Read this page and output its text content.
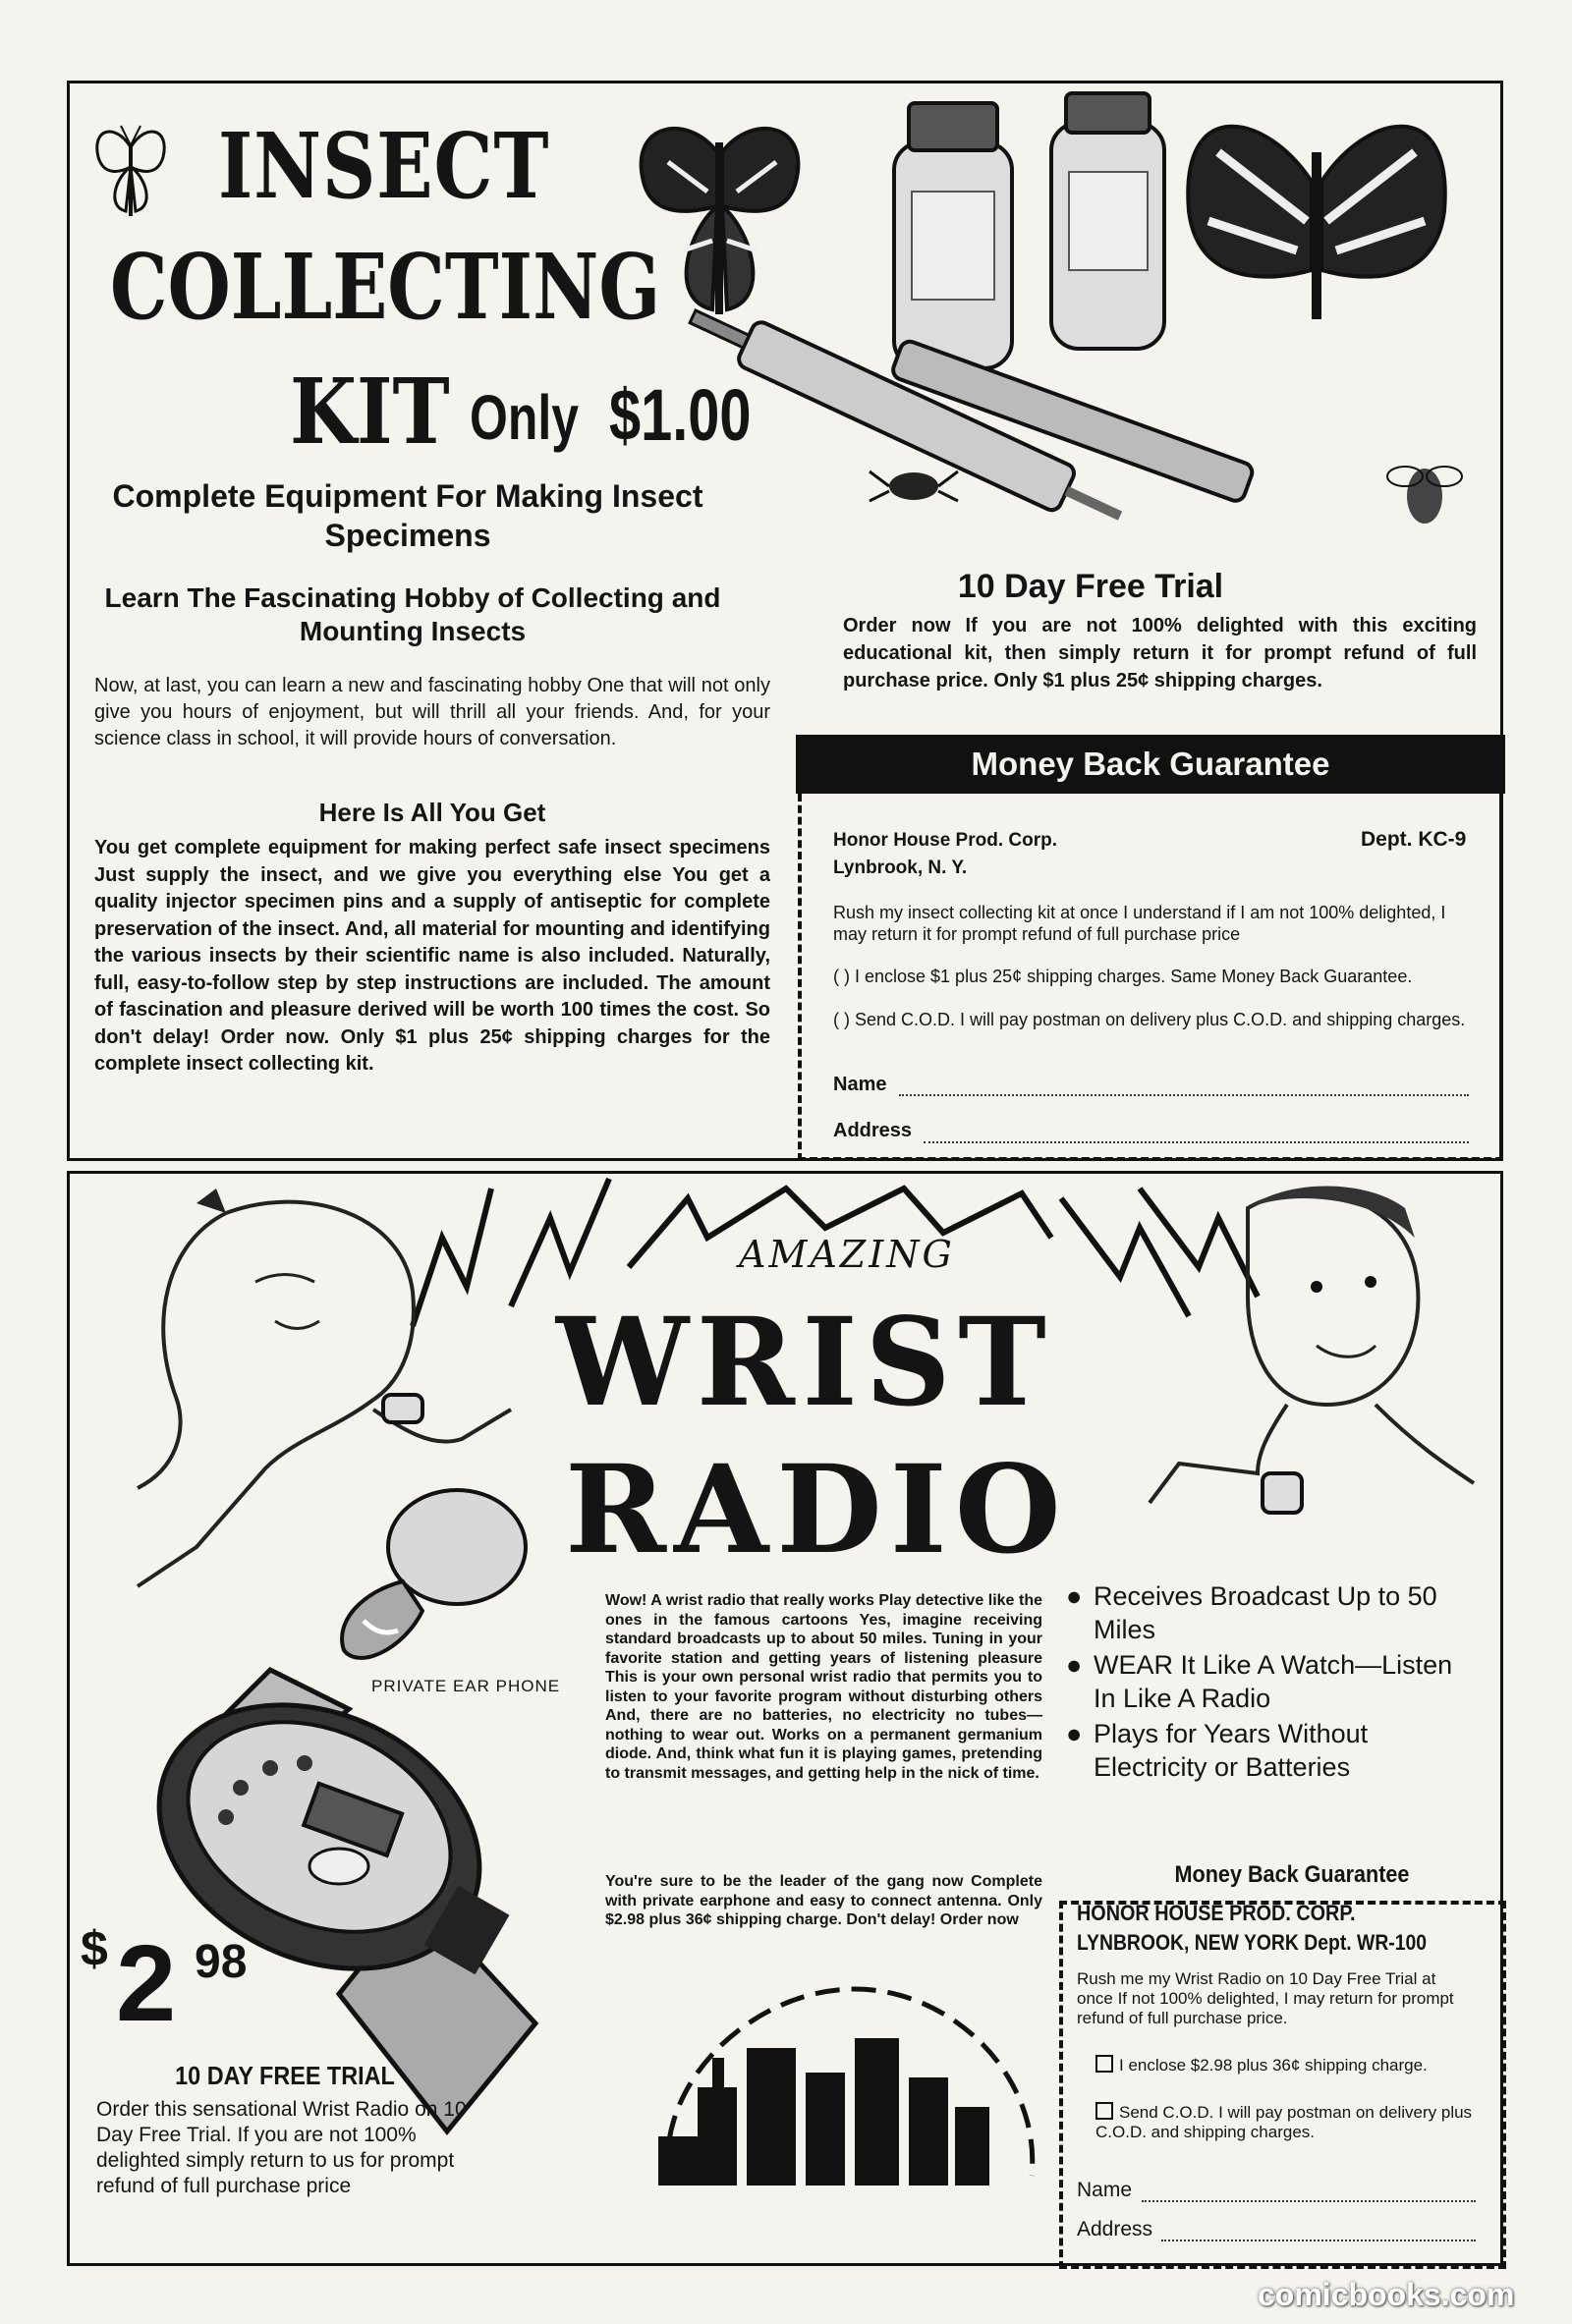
INSECT
COLLECTING
KIT Only $1.00
Complete Equipment For Making Insect Specimens
Learn The Fascinating Hobby of Collecting and Mounting Insects
Now, at last, you can learn a new and fascinating hobby One that will not only give you hours of enjoyment, but will thrill all your friends. And, for your science class in school, it will provide hours of conversation.
Here Is All You Get
You get complete equipment for making perfect safe insect specimens Just supply the insect, and we give you everything else You get a quality injector specimen pins and a supply of antiseptic for complete preservation of the insect. And, all material for mounting and identifying the various insects by their scientific name is also included. Naturally, full, easy-to-follow step by step instructions are included. The amount of fascination and pleasure derived will be worth 100 times the cost. So don't delay! Order now. Only $1 plus 25¢ shipping charges for the complete insect collecting kit.
10 Day Free Trial
Order now If you are not 100% delighted with this exciting educational kit, then simply return it for prompt refund of full purchase price. Only $1 plus 25¢ shipping charges.
Money Back Guarantee
Honor House Prod. Corp.	Dept. KC-9
Lynbrook, N. Y.
Rush my insect collecting kit at once I understand if I am not 100% delighted, I may return it for prompt refund of full purchase price
( ) I enclose $1 plus 25¢ shipping charges. Same Money Back Guarantee.
( ) Send C.O.D. I will pay postman on delivery plus C.O.D. and shipping charges.
Name
Address
AMAZING
WRIST
RADIO
PRIVATE EAR PHONE
$ 2 98
10 DAY FREE TRIAL
Order this sensational Wrist Radio on 10 Day Free Trial. If you are not 100% delighted simply return to us for prompt refund of full purchase price
Wow! A wrist radio that really works Play detective like the ones in the famous cartoons Yes, imagine receiving standard broadcasts up to about 50 miles. Tuning in your favorite station and getting years of listening pleasure This is your own personal wrist radio that permits you to listen to your favorite program without disturbing others And, there are no batteries, no electricity no tubes—nothing to wear out. Works on a permanent germanium diode. And, think what fun it is playing games, pretending to transmit messages, and getting help in the nick of time.
You're sure to be the leader of the gang now Complete with private earphone and easy to connect antenna. Only $2.98 plus 36¢ shipping charge. Don't delay! Order now
● Receives Broadcast Up to 50 Miles
● WEAR It Like A Watch—Listen In Like A Radio
● Plays for Years Without Electricity or Batteries
Money Back Guarantee
HONOR HOUSE PROD. CORP.
LYNBROOK, NEW YORK Dept. WR-100
Rush me my Wrist Radio on 10 Day Free Trial at once If not 100% delighted, I may return for prompt refund of full purchase price.
I enclose $2.98 plus 36¢ shipping charge.
Send C.O.D. I will pay postman on delivery plus C.O.D. and shipping charges.
Name
Address
comicbooks.com
